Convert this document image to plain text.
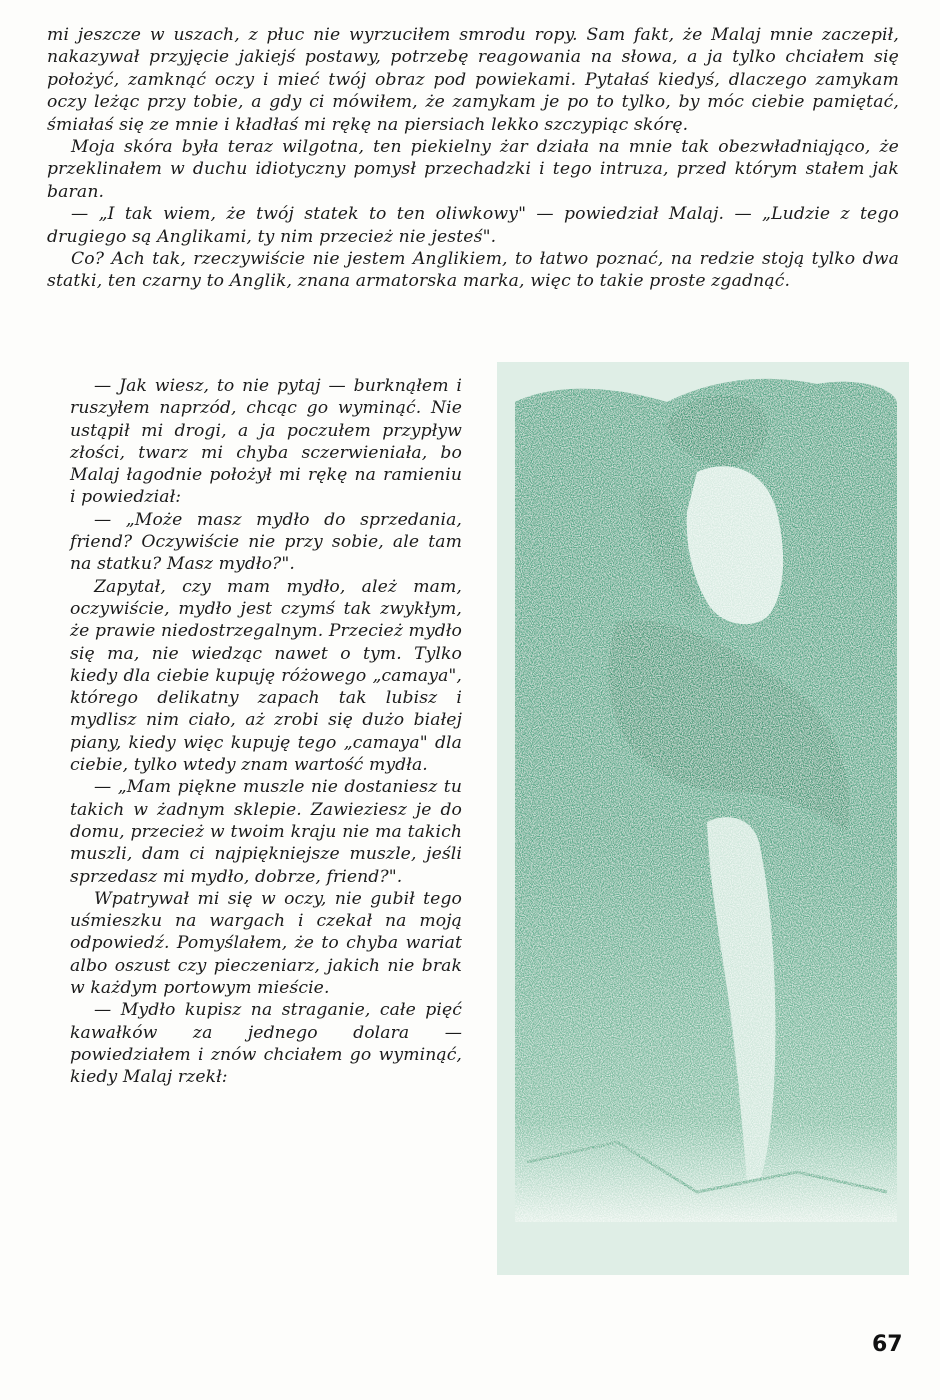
mi jeszcze w uszach, z płuc nie wyrzuciłem smrodu ropy. Sam fakt, że Malaj mnie zaczepił, nakazywał przyjęcie jakiejś postawy, potrzebę reagowania na słowa, a ja tylko chciałem się położyć, zamknąć oczy i mieć twój obraz pod powiekami. Pytałaś kiedyś, dlaczego zamykam oczy leżąc przy tobie, a gdy ci mówiłem, że zamykam je po to tylko, by móc ciebie pamiętać, śmiałaś się ze mnie i kładłaś mi rękę na piersiach lekko szczypiąc skórę.

Moja skóra była teraz wilgotna, ten piekielny żar działa na mnie tak obezwładniająco, że przeklinałem w duchu idiotyczny pomysł przechadzki i tego intruza, przed którym stałem jak baran.

— „I tak wiem, że twój statek to ten oliwkowy" — powiedział Malaj. — „Ludzie z tego drugiego są Anglikami, ty nim przecież nie jesteś".

Co? Ach tak, rzeczywiście nie jestem Anglikiem, to łatwo poznać, na redzie stoją tylko dwa statki, ten czarny to Anglik, znana armatorska marka, więc to takie proste zgadnąć.

— Jak wiesz, to nie pytaj — burknąłem i ruszyłem naprzód, chcąc go wyminąć. Nie ustąpił mi drogi, a ja poczułem przypływ złości, twarz mi chyba sczerwieniała, bo Malaj łagodnie położył mi rękę na ramieniu i powiedział:

— „Może masz mydło do sprzedania, friend? Oczywiście nie przy sobie, ale tam na statku? Masz mydło?".

Zapytał, czy mam mydło, ależ mam, oczywiście, mydło jest czymś tak zwykłym, że prawie niedostrzegalnym. Przecież mydło się ma, nie wiedząc nawet o tym. Tylko kiedy dla ciebie kupuję różowego „camaya", którego delikatny zapach tak lubisz i mydlisz nim ciało, aż zrobi się dużo białej piany, kiedy więc kupuję tego „camaya" dla ciebie, tylko wtedy znam wartość mydła.

— „Mam piękne muszle nie dostaniesz tu takich w żadnym sklepie. Zawieziesz je do domu, przecież w twoim kraju nie ma takich muszli, dam ci najpiękniejsze muszle, jeśli sprzedasz mi mydło, dobrze, friend?".

Wpatrywał mi się w oczy, nie gubił tego uśmieszku na wargach i czekał na moją odpowiedź. Pomyślałem, że to chyba wariat albo oszust czy pieczeniarz, jakich nie brak w każdym portowym mieście.

— Mydło kupisz na straganie, całe pięć kawałków za jednego dolara — powiedziałem i znów chciałem go wyminąć, kiedy Malaj rzekł:

67
